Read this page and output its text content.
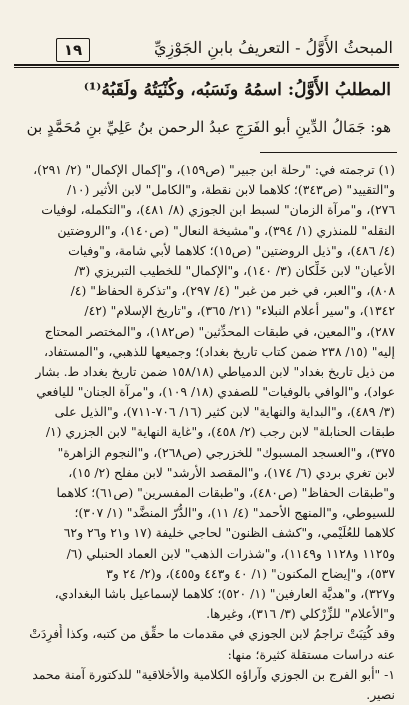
المبحثُ الأَوَّلُ - التعريفُ بابنِ الجَوْزِيِّ
١٩
المطلبُ الأَوَّلُ: اسمُهُ ونَسَبُه، وكُنْيَتُهُ ولَقَبُهُ⁽¹⁾
هو: جَمَالُ الدِّينِ أبو الفَرَجِ عبدُ الرحمن بنُ عَلِيِّ بنِ مُحَمَّدٍ بن
(١) ترجمته في: "رحلة ابن جبير" (ص١٥٩)، و"إكمال الإكمال" (٢/ ٢٩١)،
و"التقييد" (ص٣٤٣)؛ كلاهما لابن نقطة، و"الكامل" لابن الأثير (١٠/
٢٧٦)، و"مرآة الزمان" لسبط ابن الجوزي (٨/ ٤٨١)، و"التكمله، لوفيات
النقله" للمنذري (١/ ٣٩٤)، و"مشيخة النعال" (ص١٤٠)، و"الروضتين
(٤/ ٤٨٦)، و"ذيل الروضتين" (ص١٥)؛ كلاهما لأبي شامة، و"وفيات
الأعيان" لابن خَلِّكان (٣/ ١٤٠)، و"الإكمال" للخطيب التبريزي (٣/
٨٠٨)، و"العبر، في خبر من غبر" (٤/ ٢٩٧)، و"تذكرة الحفاظ" (٤/
١٣٤٢)، و"سير أعلام النبلاء" (٢١/ ٣٦٥)، و"تاريخ الإسلام" (٤٢/
٢٨٧)، و"المعين، في طبقات المحدِّثين" (ص١٨٢)، و"المختصر المحتاج
إليه" (١٥/ ٢٣٨ ضمن كتاب تاريخ بغداد)؛ وجميعها للذهبي، و"المستفاد،
من ذيل تاريخ بغداد" لابن الدمياطي (١٥٨/١٨ ضمن تاريخ بغداد ط. بشار
عواد)، و"الوافي بالوفيات" للصفدي (١٨/ ١٠٩)، و"مرآة الجنان" لليافعي
(٣/ ٤٨٩)، و"البداية والنهاية" لابن كثير (١٦/ ٧٠٦-٧١١)، و"الذيل على
طبقات الحنابلة" لابن رجب (٢/ ٤٥٨)، و"غاية النهاية" لابن الجزري (١/
٣٧٥)، و"العسجد المسبوك" للخزرجي (ص٢٦٨)، و"النجوم الزاهرة"
لابن تغري بردي (٦/ ١٧٤)، و"المقصد الأرشد" لابن مفلح (٢/ ١٥)،
و"طبقات الحفاظ" (ص٤٨٠)، و"طبقات المفسرين" (ص٦١)؛ كلاهما
للسيوطي، و"المنهج الأحمد" (٤/ ١١)، و"الدُّرّ المنضَّد" (١/ ٣٠٧)؛
كلاهما للعُلَيْمي، و"كشف الظنون" لحاجي خليفة (١٧ و٢١ و٢٦ و٦٢
و١١٢٥ و١١٢٨ و١١٤٩)، و"شذرات الذهب" لابن العماد الحنبلي (٦/
٥٣٧)، و"إيضاح المكنون" (١/ ٤٠ و٤٤٣ و٤٥٥)، و(٢/ ٢٤ و٣
و٣٢٧)، و"هديَّة العارفين" (١/ ٥٢٠)؛ كلاهما لإسماعيل باشا البغدادي،
و"الأعلام" للزِّرْكلي (٣/ ٣١٦)، وغيرها.
وقد كُتِبَتْ تراجمُ لابن الجوزي في مقدمات ما حقِّق من كتبه، وكذا أُفرِدَتْ
عنه دراسات مستقلة كثيرة؛ منها:
١- "أبو الفرج بن الجوزي وآراؤه الكلامية والأخلاقية" للدكتورة آمنة محمد
نصير.
